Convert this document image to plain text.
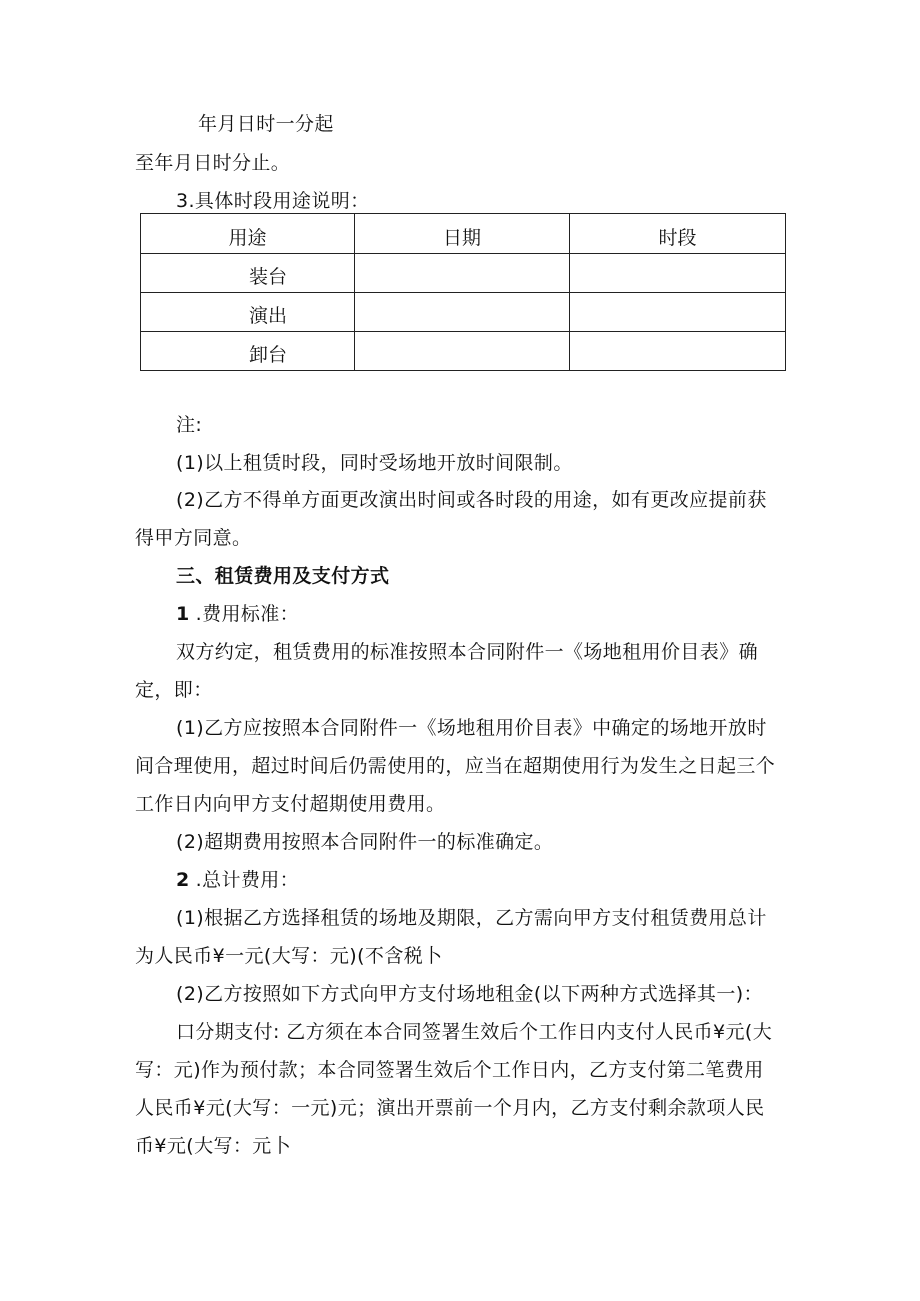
年月日时一分起
至年月日时分止。
3.具体时段用途说明：
用途	日期	时段
装台		
演出		
卸台		
注:
(1)以上租赁时段，同时受场地开放时间限制。
(2)乙方不得单方面更改演出时间或各时段的用途，如有更改应提前获
得甲方同意。
三、租赁费用及支付方式
1 .费用标准：
双方约定，租赁费用的标准按照本合同附件一《场地租用价目表》确
定，即：
(1)乙方应按照本合同附件一《场地租用价目表》中确定的场地开放时
间合理使用，超过时间后仍需使用的，应当在超期使用行为发生之日起三个
工作日内向甲方支付超期使用费用。
(2)超期费用按照本合同附件一的标准确定。
2 .总计费用：
(1)根据乙方选择租赁的场地及期限，乙方需向甲方支付租赁费用总计
为人民币¥一元(大写：元)(不含税卜
(2)乙方按照如下方式向甲方支付场地租金(以下两种方式选择其一)：
口分期支付: 乙方须在本合同签署生效后个工作日内支付人民币¥元(大
写：元)作为预付款；本合同签署生效后个工作日内，乙方支付第二笔费用
人民币¥元(大写：一元)元；演出开票前一个月内，乙方支付剩余款项人民
币¥元(大写：元卜
